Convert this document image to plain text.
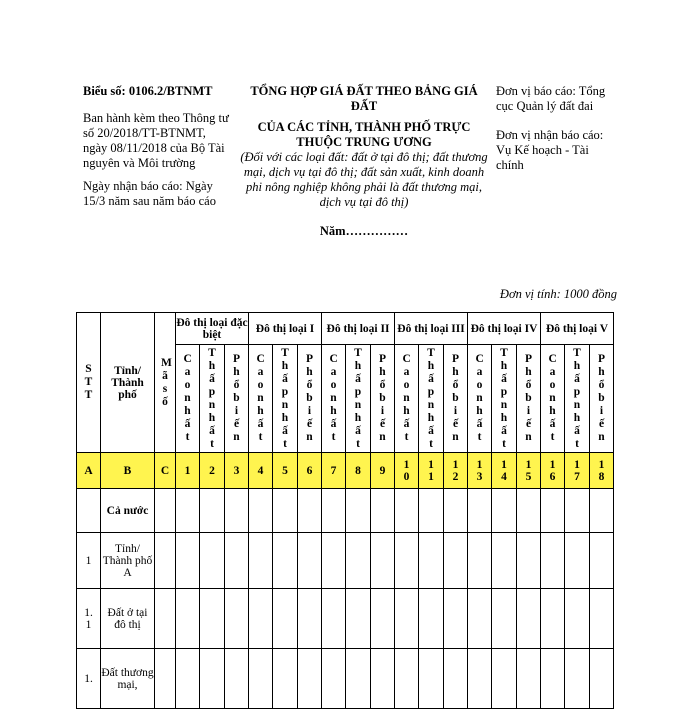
Biểu số: 0106.2/BTNMT
Ban hành kèm theo Thông tư số 20/2018/TT-BTNMT, ngày 08/11/2018 của Bộ Tài nguyên và Môi trường
Ngày nhận báo cáo: Ngày 15/3 năm sau năm báo cáo
TỔNG HỢP GIÁ ĐẤT THEO BẢNG GIÁ ĐẤT
CỦA CÁC TỈNH, THÀNH PHỐ TRỰC THUỘC TRUNG ƯƠNG
(Đối với các loại đất: đất ở tại đô thị; đất thương mại, dịch vụ tại đô thị; đất sản xuất, kinh doanh phi nông nghiệp không phải là đất thương mại, dịch vụ tại đô thị)
Năm……………
Đơn vị báo cáo: Tổng cục Quản lý đất đai
Đơn vị nhận báo cáo: Vụ Kế hoạch - Tài chính
Đơn vị tính: 1000 đồng
STT	Tỉnh/ Thành phố	Mã số	Đô thị loại đặc biệt			Đô thị loại I			Đô thị loại II			Đô thị loại III			Đô thị loại IV			Đô thị loại V		
			Cao nhất	Thấp nhất	Phổ biến	Cao nhất	Thấp nhất	Phổ biến	Cao nhất	Thấp nhất	Phổ biến	Cao nhất	Thấp nhất	Phổ biến	Cao nhất	Thấp nhất	Phổ biến	Cao nhất	Thấp nhất	Phổ biến
A	B	C	1	2	3	4	5	6	7	8	9	10	11	12	13	14	15	16	17	18
	Cả nước																			
1	Tỉnh/ Thành phố A																			
1.1	Đất ở tại đô thị																			
1.	Đất thương mại,																			
